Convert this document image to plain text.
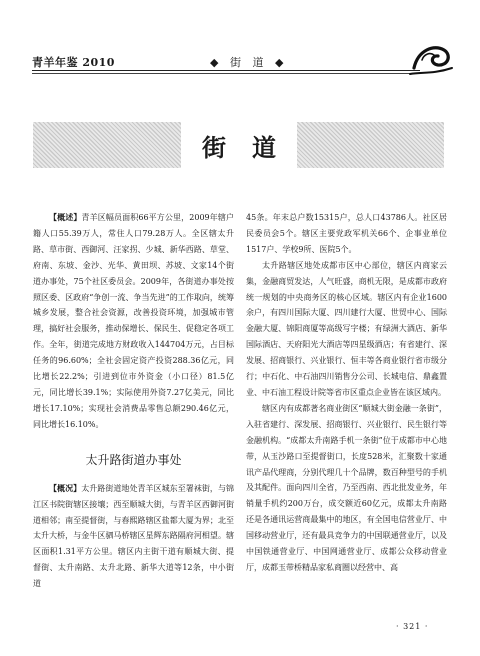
青羊年鉴 2010	◆ 街 道 ◆
街道

【概述】青羊区幅员面积66平方公里，2009年辖户籍人口55.39万人，常住人口79.28万人。全区辖太升路、草市街、西御河、汪家拐、少城、新华西路、草堂、府南、东坡、金沙、光华、黄田坝、苏坡、文家14个街道办事处，75个社区委员会。2009年，各街道办事处按照区委、区政府“争创一流、争当先进”的工作取向，统筹城乡发展，整合社会资源，改善投资环境，加强城市管理，搞好社会服务，推动保增长、保民生、促稳定各项工作。全年，街道完成地方财政收入144704万元，占目标任务的96.60%；全社会固定资产投资288.36亿元，同比增长22.2%；引进到位市外资金（小口径）81.5亿元，同比增长39.1%；实际使用外资7.27亿美元，同比增长17.10%；实现社会消费品零售总额290.46亿元，同比增长16.10%。

太升路街道办事处

【概况】太升路街道地处青羊区城东至署袜街，与锦江区书院街辖区接壤；西至顺城大街，与青羊区西御河街道相邻；南至提督街，与春熙路辖区盐都大厦为界；北至太升大桥，与金牛区驷马桥辖区星辉东路隔府河相望。辖区面积1.31平方公里。辖区内主街干道有顺城大街、提督街、太升南路、太升北路、新华大道等12条，中小街道

45条。年末总户数15315户，总人口43786人。社区居民委员会5个。辖区主要党政军机关66个、企事业单位1517户、学校9所、医院5个。

太升路辖区地处成都市区中心部位，辖区内商家云集，金融商贸发达，人气旺盛，商机无限，是成都市政府统一规划的中央商务区的核心区域。辖区内有企业1600余户，有四川国际大厦、四川建行大厦、世贸中心、国际金融大厦、锦阳商厦等高级写字楼；有绿洲大酒店、新华国际酒店、天府阳光大酒店等四星级酒店；有省建行、深发展、招商银行、兴业银行、恒丰等各商业银行省市级分行；中石化、中石油四川销售分公司、长城电信、鼎鑫置业、中石油工程设计院等省市区重点企业皆在该区域内。

辖区内有成都著名商业街区“顺城大街金融一条街”，入驻省建行、深发展、招商银行、兴业银行、民生银行等金融机构。“成都太升南路手机一条街”位于成都市中心地带，从玉沙路口至提督街口，长度528米，汇聚数十家通讯产品代理商，分别代理几十个品牌，数百种型号的手机及其配件。面向四川全省，乃至西南、西北批发业务，年销量手机约200万台，成交额近60亿元，成都太升南路还是各通讯运营商最集中的地区，有全国电信营业厅、中国移动营业厅，还有最具竞争力的中国联通营业厅，以及中国铁通营业厅、中国网通营业厅、成都公众移动营业厅，成都玉带桥精品家私商圈以经营中、高

· 321 ·
